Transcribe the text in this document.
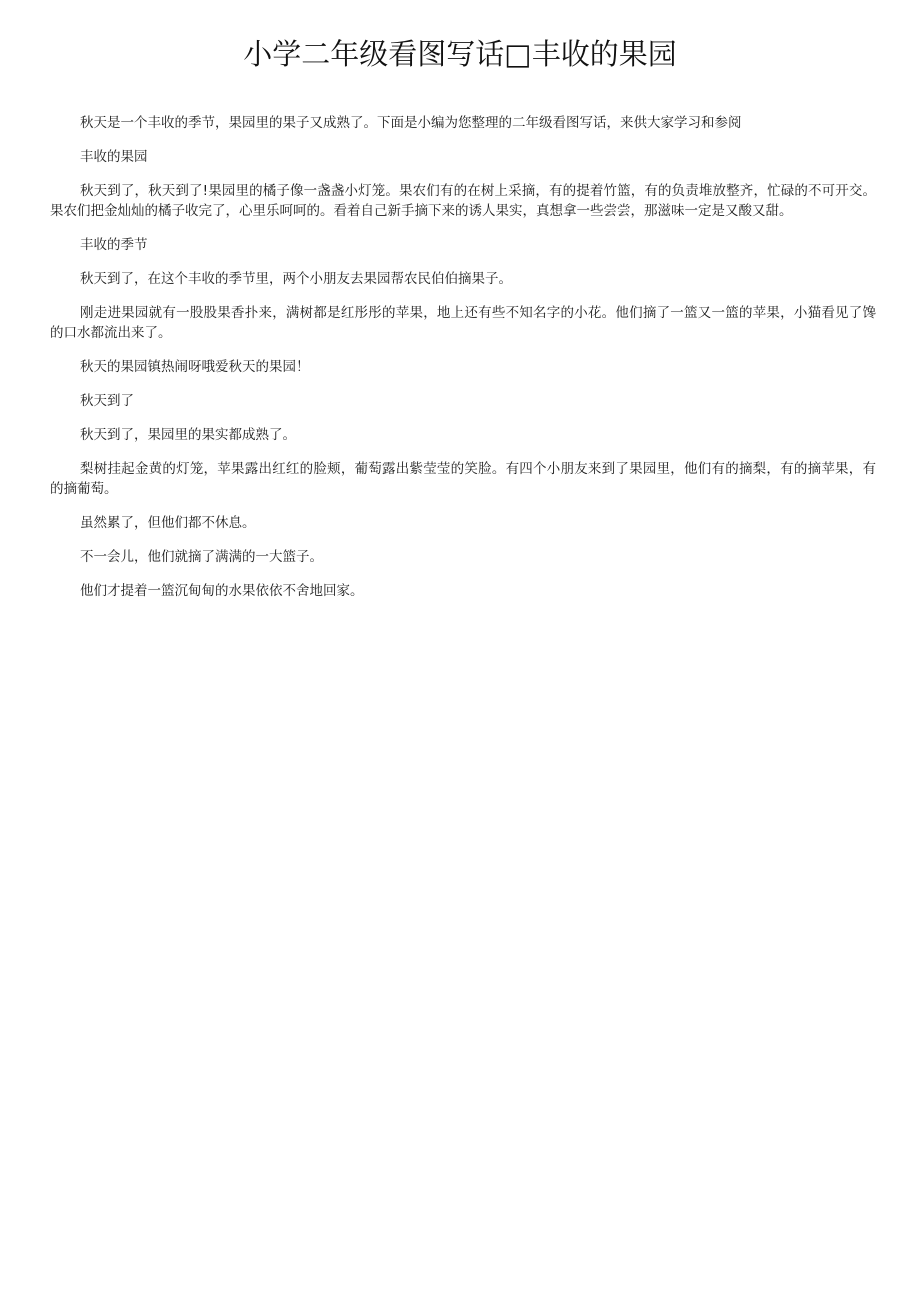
小学二年级看图写话□丰收的果园

秋天是一个丰收的季节，果园里的果子又成熟了。下面是小编为您整理的二年级看图写话，来供大家学习和参阅

丰收的果园

秋天到了，秋天到了!果园里的橘子像一盏盏小灯笼。果农们有的在树上采摘，有的提着竹篮，有的负责堆放整齐，忙碌的不可开交。果农们把金灿灿的橘子收完了，心里乐呵呵的。看着自己新手摘下来的诱人果实，真想拿一些尝尝，那滋味一定是又酸又甜。

丰收的季节

秋天到了，在这个丰收的季节里，两个小朋友去果园帮农民伯伯摘果子。

刚走进果园就有一股股果香扑来，满树都是红彤彤的苹果，地上还有些不知名字的小花。他们摘了一篮又一篮的苹果，小猫看见了馋的口水都流出来了。

秋天的果园镇热闹呀哦爱秋天的果园！

秋天到了

秋天到了，果园里的果实都成熟了。

梨树挂起金黄的灯笼，苹果露出红红的脸颊，葡萄露出紫莹莹的笑脸。有四个小朋友来到了果园里，他们有的摘梨，有的摘苹果，有的摘葡萄。

虽然累了，但他们都不休息。

不一会儿，他们就摘了满满的一大篮子。

他们才提着一篮沉甸甸的水果依依不舍地回家。
